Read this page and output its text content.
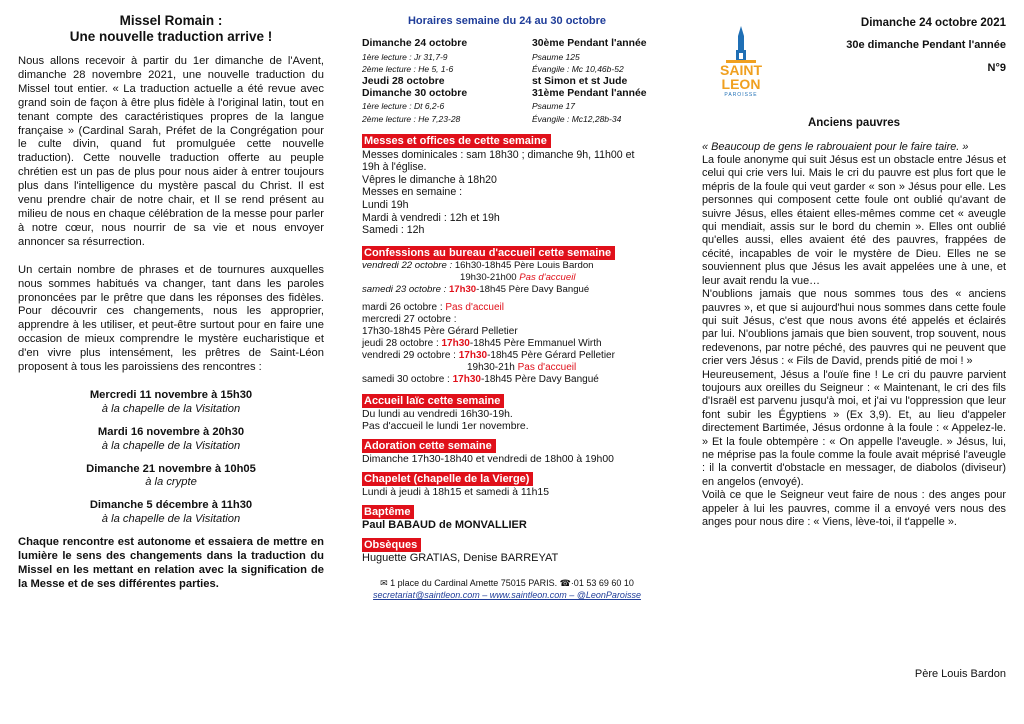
Missel Romain :
Une nouvelle traduction arrive !

Nous allons recevoir à partir du 1er dimanche de l'Avent, dimanche 28 novembre 2021, une nouvelle traduction du Missel tout entier. « La traduction actuelle a été revue avec grand soin de façon à être plus fidèle à l'original latin, tout en tenant compte des caractéristiques propres de la langue française » (Cardinal Sarah, Préfet de la Congrégation pour le culte divin, quand fut promulguée cette nouvelle traduction). Cette nouvelle traduction offerte au peuple chrétien est un pas de plus pour nous aider à entrer toujours plus dans l'intelligence du mystère pascal du Christ. Il est venu prendre chair de notre chair, et Il se rend présent au milieu de nous en chaque célébration de la messe pour parler à notre cœur, nous nourrir de sa vie et nous envoyer annoncer sa résurrection.

Un certain nombre de phrases et de tournures auxquelles nous sommes habitués va changer, tant dans les paroles prononcées par le prêtre que dans les réponses des fidèles. Pour découvrir ces changements, nous les approprier, apprendre à les utiliser, et peut-être surtout pour en faire une occasion de mieux comprendre le mystère eucharistique et d'en vivre plus intensément, les prêtres de Saint-Léon proposent à tous les paroissiens des rencontres :

Mercredi 11 novembre à 15h30

à la chapelle de la Visitation

Mardi 16 novembre à 20h30

à la chapelle de la Visitation

Dimanche 21 novembre à 10h05

à la crypte

Dimanche 5 décembre à 11h30

à la chapelle de la Visitation

Chaque rencontre est autonome et essaiera de mettre en lumière le sens des changements dans la traduction du Missel en les mettant en relation avec la signification de la Messe et de ses différentes parties.

Horaires semaine du 24 au 30 octobre

Dimanche 24 octobre	30ème Pendant l'année
1ère lecture : Jr 31,7-9	Psaume 125
2ème lecture : He 5, 1-6	Évangile : Mc 10,46b-52
Jeudi 28 octobre	st Simon et st Jude
Dimanche 30 octobre	31ème Pendant l'année
1ère lecture : Dt 6,2-6	Psaume 17
2ème lecture : He 7,23-28	Évangile : Mc12,28b-34
Messes et offices de cette semaine

Messes dominicales : sam 18h30 ; dimanche 9h, 11h00 et 19h à l'église.

Vêpres le dimanche à 18h20

Messes en semaine :

Lundi 19h

Mardi à vendredi : 12h et 19h

Samedi : 12h

Confessions au bureau d'accueil cette semaine

vendredi 22 octobre : 16h30-18h45 Père Louis Bardon

19h30-21h00 Pas d'accueil

samedi 23 octobre : 17h30-18h45 Père Davy Bangué

mardi 26 octobre : Pas d'accueil

mercredi 27 octobre :

17h30-18h45 Père Gérard Pelletier

jeudi 28 octobre : 17h30-18h45 Père Emmanuel Wirth

vendredi 29 octobre : 17h30-18h45 Père Gérard Pelletier

19h30-21h Pas d'accueil

samedi 30 octobre : 17h30-18h45 Père Davy Bangué

Accueil laïc cette semaine

Du lundi au vendredi 16h30-19h.

Pas d'accueil le lundi 1er novembre.

Adoration cette semaine

Dimanche 17h30-18h40 et vendredi de 18h00 à 19h00

Chapelet (chapelle de la Vierge)

Lundi à jeudi à 18h15 et samedi à 11h15

Baptême

Paul BABAUD de MONVALLIER

Obsèques

Huguette GRATIAS, Denise BARREYAT

✉ 1 place du Cardinal Amette 75015 PARIS. ☎·01 53 69 60 10

secretariat@saintleon.com – www.saintleon.com – @LeonParoisse

Dimanche 24 octobre 2021

30e dimanche Pendant l'année

N°9

Anciens pauvres

« Beaucoup de gens le rabrouaient pour le faire taire. »

La foule anonyme qui suit Jésus est un obstacle entre Jésus et celui qui crie vers lui. Mais le cri du pauvre est plus fort que le mépris de la foule qui veut garder « son » Jésus pour elle. Les personnes qui composent cette foule ont oublié qu'avant de suivre Jésus, elles étaient elles-mêmes comme cet « aveugle qui mendiait, assis sur le bord du chemin ». Elles ont oublié qu'elles aussi, elles avaient été des pauvres, frappées de cécité, incapables de voir le mystère de Dieu. Elles ne se souviennent plus que Jésus les avait appelées une à une, et leur avait rendu la vue…

N'oublions jamais que nous sommes tous des « anciens pauvres », et que si aujourd'hui nous sommes dans cette foule qui suit Jésus, c'est que nous avons été appelés et éclairés par lui. N'oublions jamais que bien souvent, trop souvent, nous redevenons, par notre péché, des pauvres qui ne peuvent que crier vers Jésus : « Fils de David, prends pitié de moi ! »

Heureusement, Jésus a l'ouïe fine ! Le cri du pauvre parvient toujours aux oreilles du Seigneur : « Maintenant, le cri des fils d'Israël est parvenu jusqu'à moi, et j'ai vu l'oppression que leur font subir les Égyptiens » (Ex 3,9). Et, au lieu d'appeler directement Bartimée, Jésus ordonne à la foule : « Appelez-le. » Et la foule obtempère : « On appelle l'aveugle. » Jésus, lui, ne méprise pas la foule comme la foule avait méprisé l'aveugle : il la convertit d'obstacle en messager, de diabolos (diviseur) en angelos (envoyé).

Voilà ce que le Seigneur veut faire de nous : des anges pour appeler à lui les pauvres, comme il a envoyé vers nous des anges pour nous dire : « Viens, lève-toi, il t'appelle ».

Père Louis Bardon

SAINT
LEON
PAROISSE
